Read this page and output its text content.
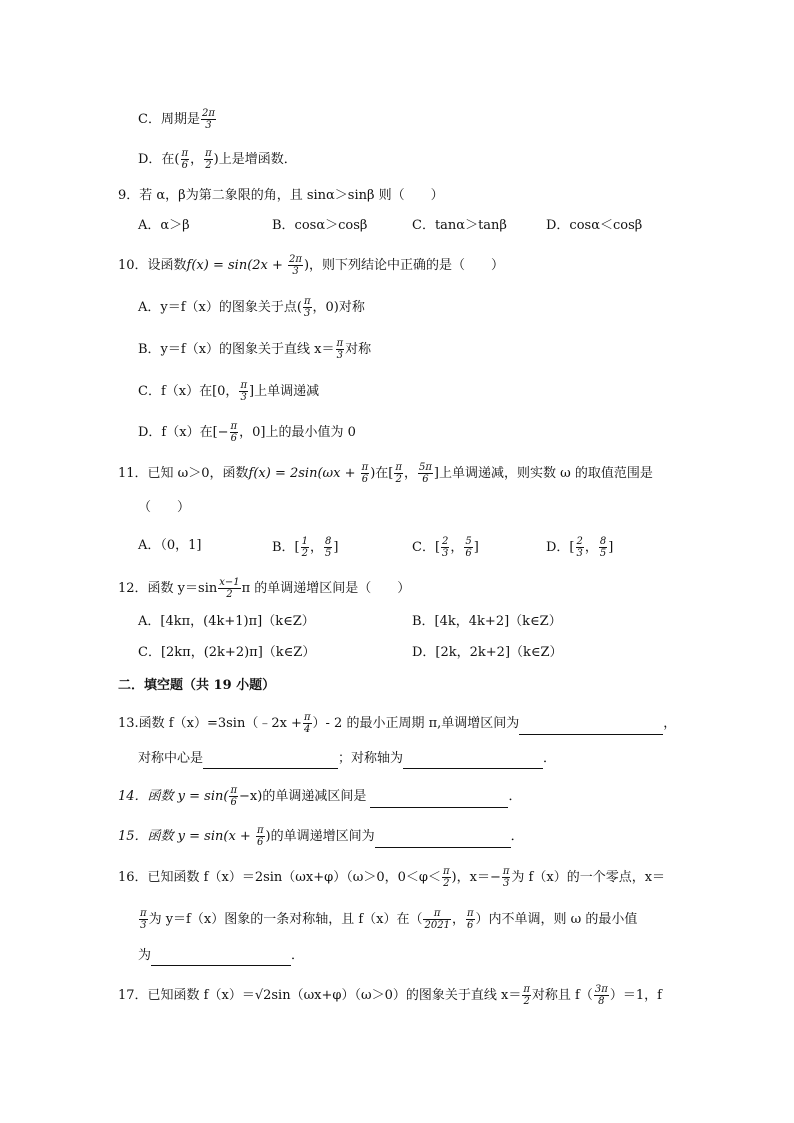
C．周期是 $\frac{2\pi}{3}$
D．在( $\frac{\pi}{6}$ ， $\frac{\pi}{2}$ )上是增函数．
9．若 α，β为第二象限的角，且 sinα＞sinβ 则（　　）
A．α＞β	B．cosα＞cosβ	C．tanα＞tanβ	D．cosα＜cosβ
10．设函数$f(x) = \sin(2x + \frac{2\pi}{3}$ )，则下列结论中正确的是（　　）
A．y＝f（x）的图象关于点( $\frac{\pi}{3}$ ，0)对称
B．y＝f（x）的图象关于直线 $x= \frac{\pi}{3}$ 对称
C．f（x）在[0， $\frac{\pi}{3}$ ]上单调递减
D．f（x）在[− $\frac{\pi}{6}$ ，0]上的最小值为 0
11．已知 ω＞0，函数$f(x) = 2\sin(\omega x + \frac{\pi}{6}$ )在[ $\frac{\pi}{2}$ ， $\frac{5\pi}{6}$ ]上单调递减，则实数 ω 的取值范围是
（　　）
A．（0，1]	B．[ $\frac{1}{2}$ ， $\frac{8}{5}$ ]	C．[ $\frac{2}{3}$ ， $\frac{5}{6}$ ]	D．[ $\frac{2}{3}$ ， $\frac{8}{5}$ ]
12．函数 $y=\sin \frac{x-1}{2}$ π 的单调递增区间是（　　）
A．[4kπ，(4k+1)π]（k∈Z）	B．[4k，4k+2]（k∈Z）
C．[2kπ，(2k+2)π]（k∈Z）	D．[2k，2k+2]（k∈Z）
二．填空题（共 19 小题）
13.函数 f（x）=3sin（﹣2x + $\frac{\pi}{4}$ ）- 2 的最小正周期 π,单调增区间为	，
对称中心是	；对称轴为	．
14．函数 $y = \sin( \frac{\pi}{6} -x)$的单调递减区间是	．
15．函数 $y = \sin(x + \frac{\pi}{6}$ )的单调递增区间为	．
16．已知函数 f（x）＝2sin（ωx+φ）（ω＞0，$0<\varphi< \frac{\pi}{2}$ )，$x=- \frac{\pi}{3}$ 为 f（x）的一个零点，x＝
$\frac{\pi}{3}$ 为 y＝f（x）图象的一条对称轴，且 f（x）在（ $\frac{\pi}{2021}$ ， $\frac{\pi}{6}$ ）内不单调，则 ω 的最小值
为	．
17．已知函数 f（x）＝√2sin（ωx+φ）（ω＞0）的图象关于直线 $x= \frac{\pi}{2}$ 对称且 $f( \frac{3\pi}{8} )=1$，f
